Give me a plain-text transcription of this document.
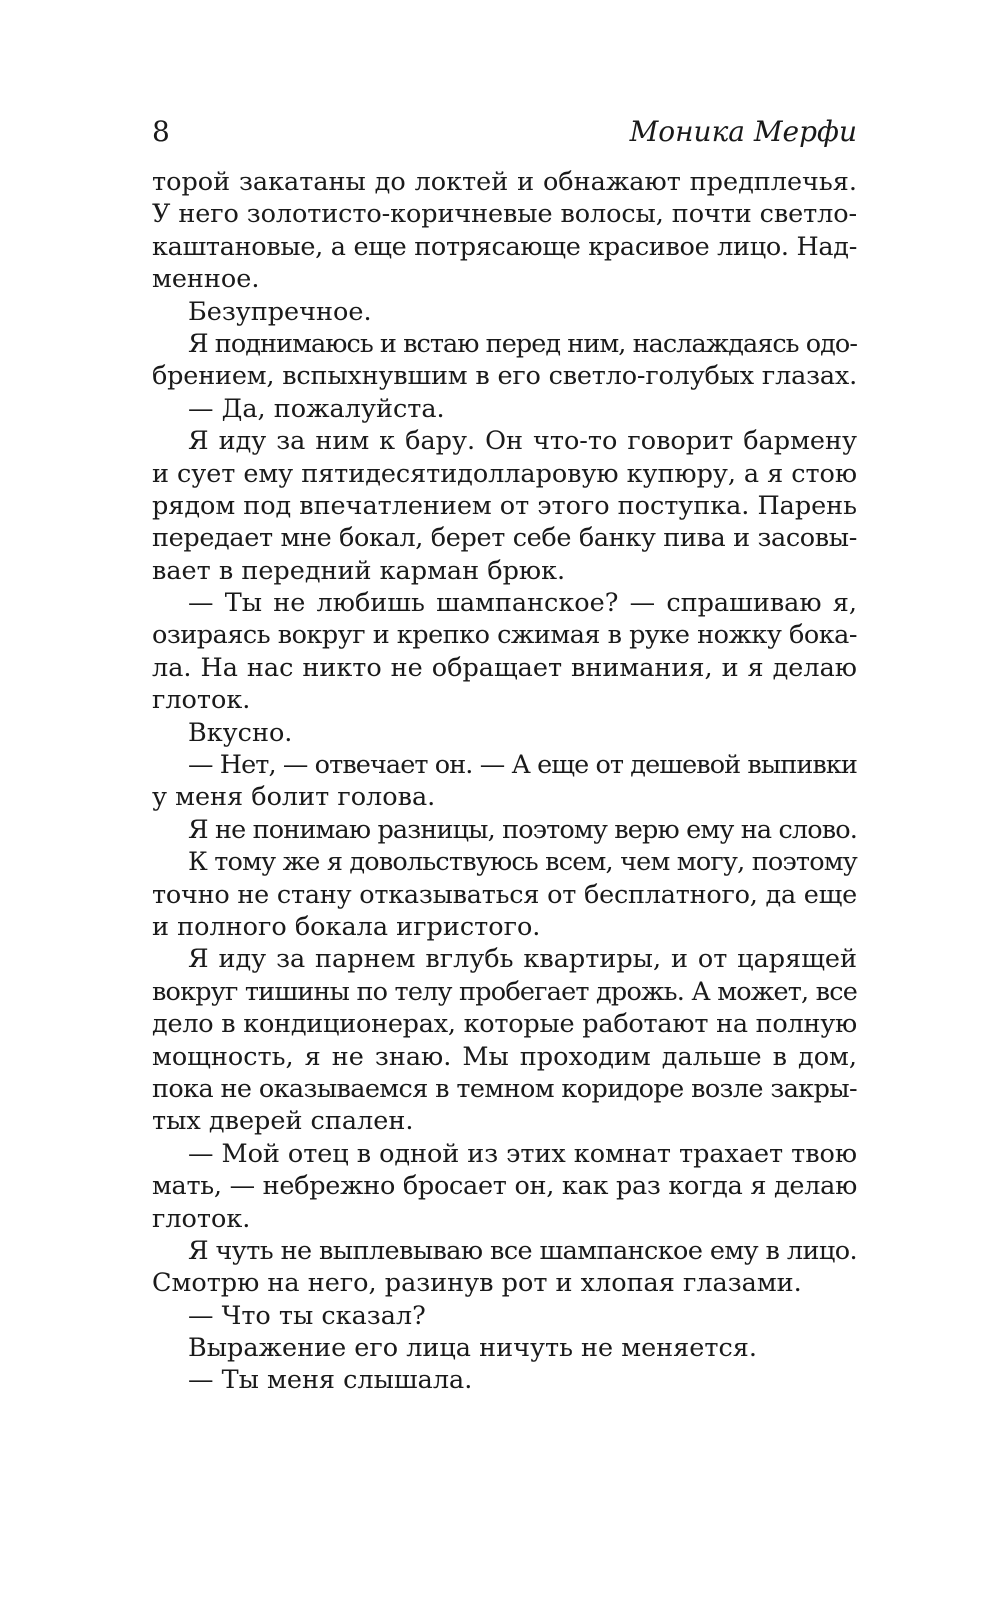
8	Моника Мерфи
торой закатаны до локтей и обнажают предплечья.
У него золотисто-коричневые волосы, почти светло-
каштановые, а еще потрясающе красивое лицо. Над-
менное.
Безупречное.
Я поднимаюсь и встаю перед ним, наслаждаясь одо-
брением, вспыхнувшим в его светло-голубых глазах.
— Да, пожалуйста.
Я иду за ним к бару. Он что-то говорит бармену
и сует ему пятидесятидолларовую купюру, а я стою
рядом под впечатлением от этого поступка. Парень
передает мне бокал, берет себе банку пива и засовы-
вает в передний карман брюк.
— Ты не любишь шампанское? — спрашиваю я,
озираясь вокруг и крепко сжимая в руке ножку бока-
ла. На нас никто не обращает внимания, и я делаю
глоток.
Вкусно.
— Нет, — отвечает он. — А еще от дешевой выпивки
у меня болит голова.
Я не понимаю разницы, поэтому верю ему на слово.
К тому же я довольствуюсь всем, чем могу, поэтому
точно не стану отказываться от бесплатного, да еще
и полного бокала игристого.
Я иду за парнем вглубь квартиры, и от царящей
вокруг тишины по телу пробегает дрожь. А может, все
дело в кондиционерах, которые работают на полную
мощность, я не знаю. Мы проходим дальше в дом,
пока не оказываемся в темном коридоре возле закры-
тых дверей спален.
— Мой отец в одной из этих комнат трахает твою
мать, — небрежно бросает он, как раз когда я делаю
глоток.
Я чуть не выплевываю все шампанское ему в лицо.
Смотрю на него, разинув рот и хлопая глазами.
— Что ты сказал?
Выражение его лица ничуть не меняется.
— Ты меня слышала.
